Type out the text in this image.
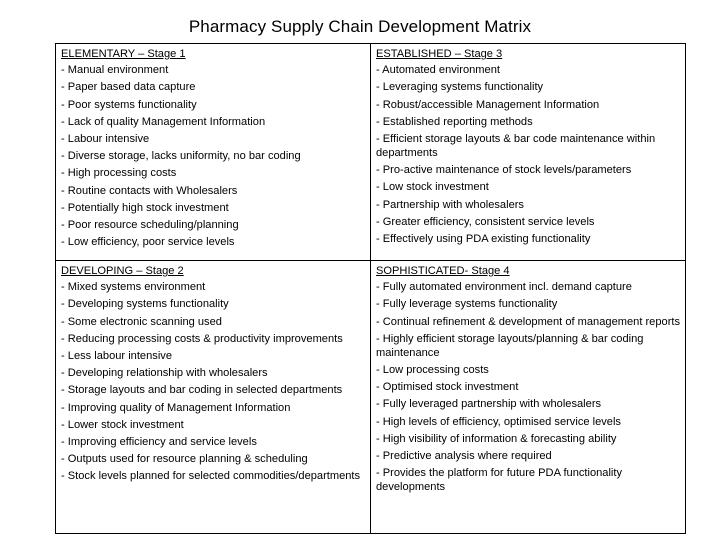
Pharmacy Supply Chain Development Matrix
ELEMENTARY – Stage 1
- Manual environment
- Paper based data capture
- Poor systems functionality
- Lack of quality Management Information
- Labour intensive
- Diverse storage, lacks uniformity, no bar coding
- High processing costs
- Routine contacts with Wholesalers
- Potentially high stock investment
- Poor resource scheduling/planning
- Low efficiency, poor service levels
ESTABLISHED – Stage 3
- Automated environment
- Leveraging systems functionality
- Robust/accessible Management Information
- Established reporting methods
- Efficient storage layouts & bar code maintenance within departments
- Pro-active maintenance of stock levels/parameters
- Low stock investment
- Partnership with wholesalers
- Greater efficiency, consistent service levels
- Effectively using PDA existing functionality
DEVELOPING – Stage 2
- Mixed systems environment
- Developing systems functionality
- Some electronic scanning used
- Reducing processing costs & productivity improvements
- Less labour intensive
- Developing relationship with wholesalers
- Storage layouts and bar coding in selected departments
- Improving quality of Management Information
- Lower stock investment
- Improving efficiency and service levels
- Outputs used for resource planning & scheduling
- Stock levels planned for selected commodities/departments
SOPHISTICATED- Stage 4
- Fully automated environment incl. demand capture
- Fully leverage systems functionality
- Continual refinement & development of management reports
- Highly efficient storage layouts/planning & bar coding maintenance
- Low processing costs
- Optimised stock investment
- Fully leveraged partnership with wholesalers
- High levels of efficiency, optimised service levels
- High visibility of information & forecasting ability
- Predictive analysis where required
- Provides the platform for future PDA functionality developments
